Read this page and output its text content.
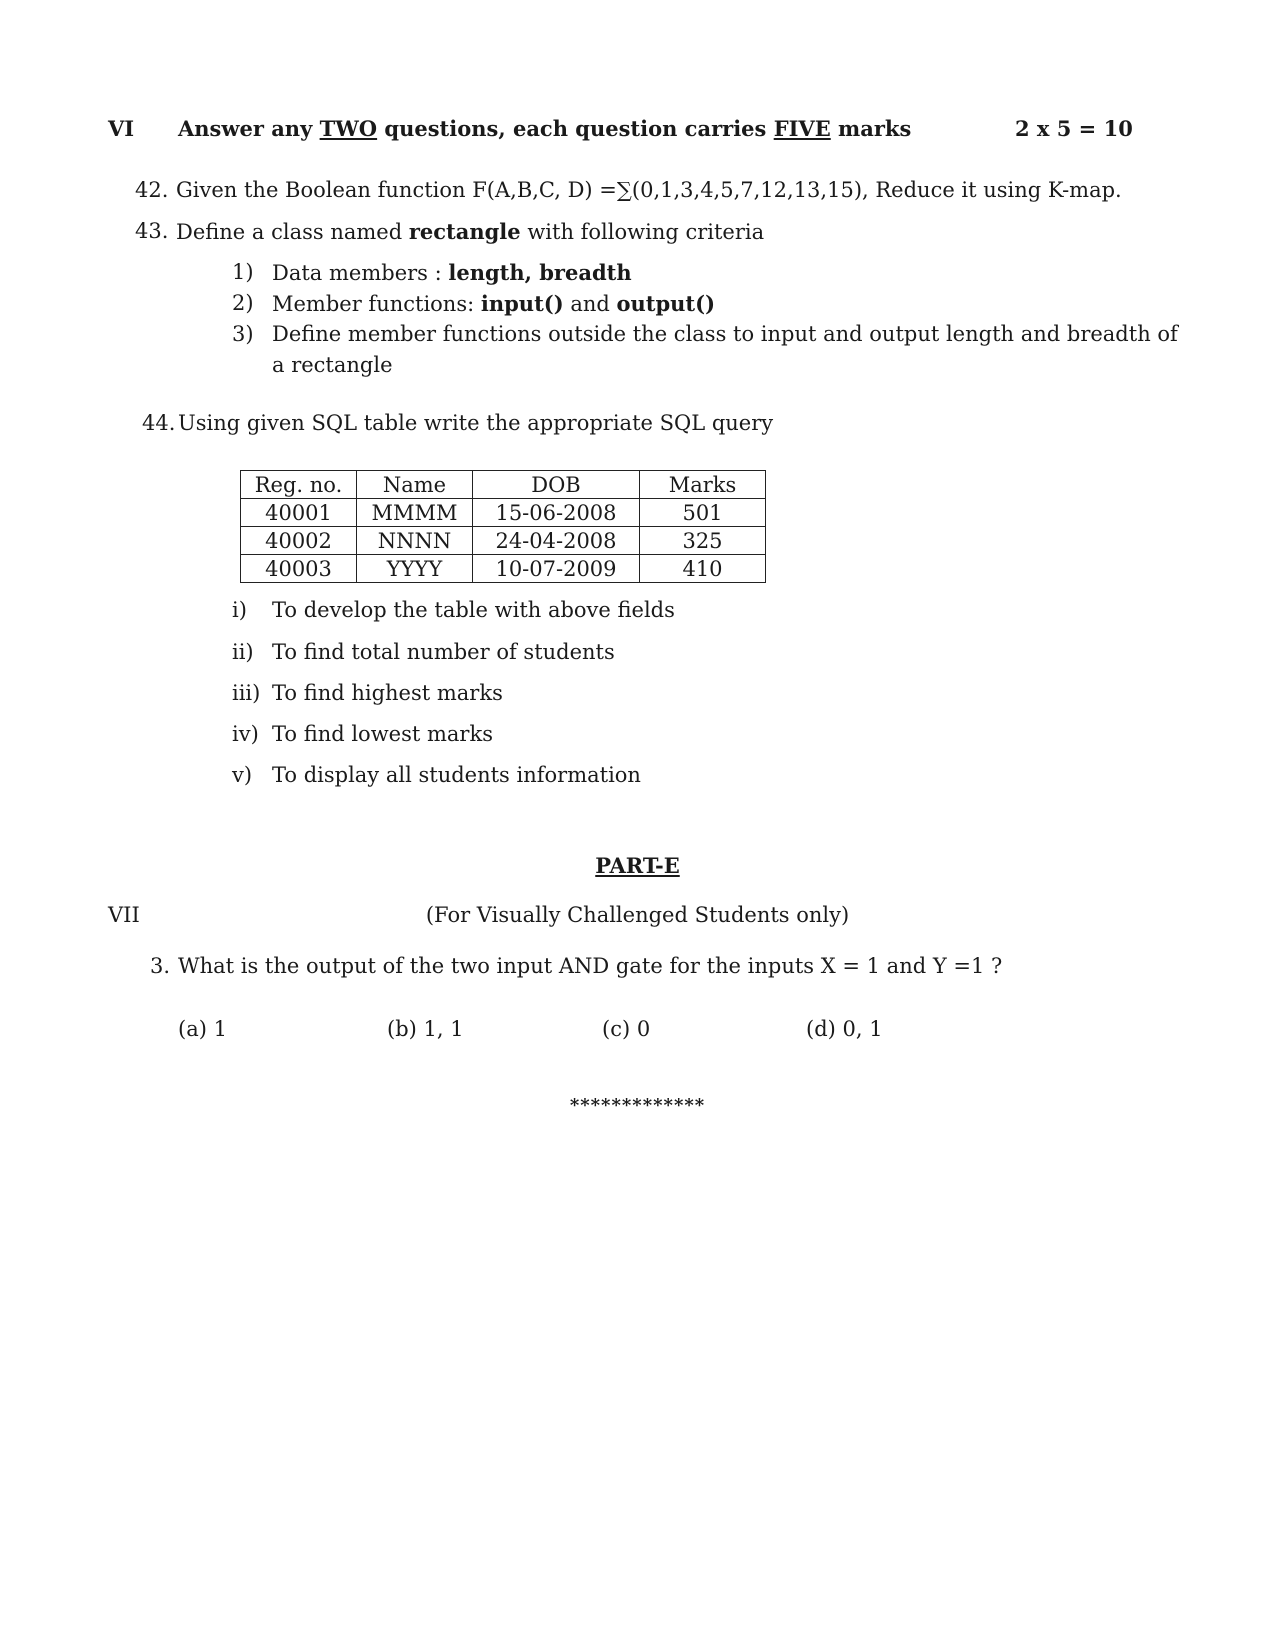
VI Answer any TWO questions, each question carries FIVE marks	2 x 5 = 10
42. Given the Boolean function F(A,B,C, D) =∑(0,1,3,4,5,7,12,13,15), Reduce it using K-map.
43. Define a class named rectangle with following criteria
1) Data members : length, breadth
2) Member functions: input() and output()
3) Define member functions outside the class to input and output length and breadth of
a rectangle
44. Using given SQL table write the appropriate SQL query
Reg. no.	Name	DOB	Marks
40001	MMMM	15-06-2008	501
40002	NNNN	24-04-2008	325
40003	YYYY	10-07-2009	410
i) To develop the table with above fields
ii) To find total number of students
iii) To find highest marks
iv) To find lowest marks
v) To display all students information
PART-E
VII	(For Visually Challenged Students only)
3. What is the output of the two input AND gate for the inputs X = 1 and Y =1 ?
(a) 1	(b) 1, 1	(c) 0	(d) 0, 1
*************
